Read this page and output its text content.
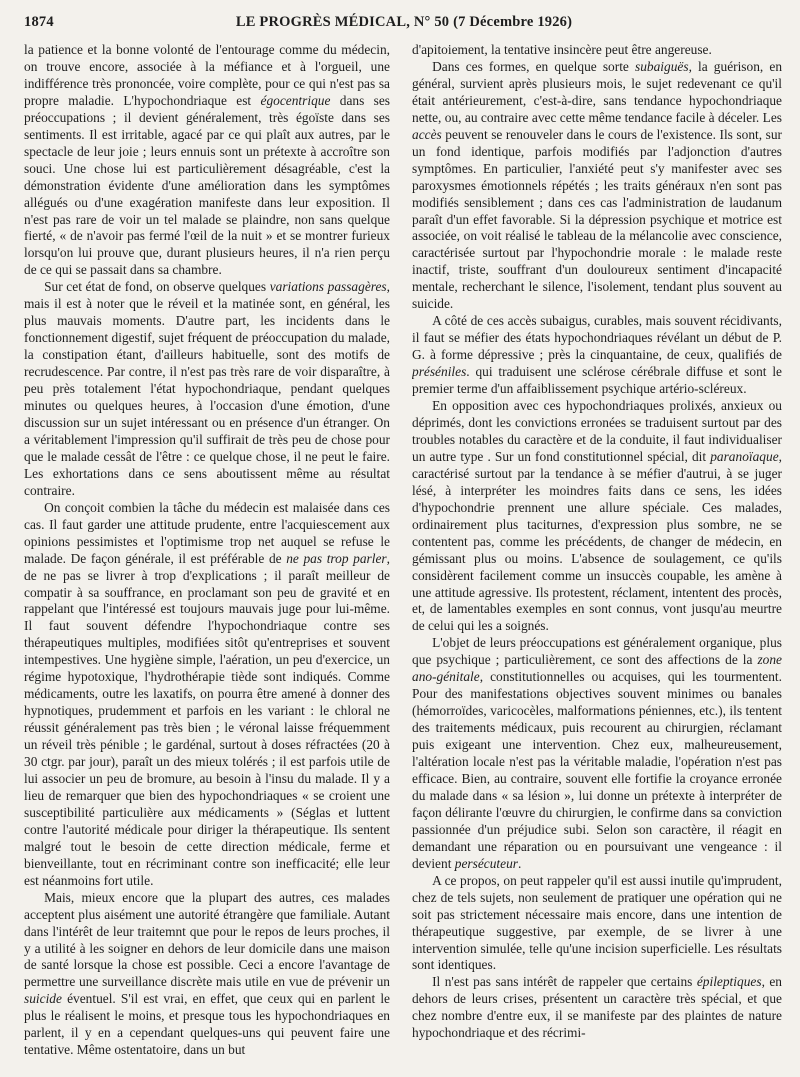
1874	LE PROGRÈS MÉDICAL, N° 50 (7 Décembre 1926)

la patience et la bonne volonté de l'entourage comme du médecin, on trouve encore, associée à la méfiance et à l'orgueil, une indifférence très prononcée, voire complète, pour ce qui n'est pas sa propre maladie. L'hypochondriaque est égocentrique dans ses préoccupations ; il devient généralement, très égoïste dans ses sentiments. Il est irritable, agacé par ce qui plaît aux autres, par le spectacle de leur joie ; leurs ennuis sont un prétexte à accroître son souci. Une chose lui est particulièrement désagréable, c'est la démonstration évidente d'une amélioration dans les symptômes allégués ou d'une exagération manifeste dans leur exposition. Il n'est pas rare de voir un tel malade se plaindre, non sans quelque fierté, « de n'avoir pas fermé l'œil de la nuit » et se montrer furieux lorsqu'on lui prouve que, durant plusieurs heures, il n'a rien perçu de ce qui se passait dans sa chambre.

Sur cet état de fond, on observe quelques variations passagères, mais il est à noter que le réveil et la matinée sont, en général, les plus mauvais moments. D'autre part, les incidents dans le fonctionnement digestif, sujet fréquent de préoccupation du malade, la constipation étant, d'ailleurs habituelle, sont des motifs de recrudescence. Par contre, il n'est pas très rare de voir disparaître, à peu près totalement l'état hypochondriaque, pendant quelques minutes ou quelques heures, à l'occasion d'une émotion, d'une discussion sur un sujet intéressant ou en présence d'un étranger. On a véritablement l'impression qu'il suffirait de très peu de chose pour que le malade cessât de l'être : ce quelque chose, il ne peut le faire. Les exhortations dans ce sens aboutissent même au résultat contraire.

On conçoit combien la tâche du médecin est malaisée dans ces cas. Il faut garder une attitude prudente, entre l'acquiescement aux opinions pessimistes et l'optimisme trop net auquel se refuse le malade. De façon générale, il est préférable de ne pas trop parler, de ne pas se livrer à trop d'explications ; il paraît meilleur de compatir à sa souffrance, en proclamant son peu de gravité et en rappelant que l'intéressé est toujours mauvais juge pour lui-même. Il faut souvent défendre l'hypochondriaque contre ses thérapeutiques multiples, modifiées sitôt qu'entreprises et souvent intempestives. Une hygiène simple, l'aération, un peu d'exercice, un régime hypotoxique, l'hydrothérapie tiède sont indiqués. Comme médicaments, outre les laxatifs, on pourra être amené à donner des hypnotiques, prudemment et parfois en les variant : le chloral ne réussit généralement pas très bien ; le véronal laisse fréquemment un réveil très pénible ; le gardénal, surtout à doses réfractées (20 à 30 ctgr. par jour), paraît un des mieux tolérés ; il est parfois utile de lui associer un peu de bromure, au besoin à l'insu du malade. Il y a lieu de remarquer que bien des hypochondriaques « se croient une susceptibilité particulière aux médicaments » (Séglas et luttent contre l'autorité médicale pour diriger la thérapeutique. Ils sentent malgré tout le besoin de cette direction médicale, ferme et bienveillante, tout en récriminant contre son inefficacité; elle leur est néanmoins fort utile.

Mais, mieux encore que la plupart des autres, ces malades acceptent plus aisément une autorité étrangère que familiale. Autant dans l'intérêt de leur traitemnt que pour le repos de leurs proches, il y a utilité à les soigner en dehors de leur domicile dans une maison de santé lorsque la chose est possible. Ceci a encore l'avantage de permettre une surveillance discrète mais utile en vue de prévenir un suicide éventuel. S'il est vrai, en effet, que ceux qui en parlent le plus le réalisent le moins, et presque tous les hypochondriaques en parlent, il y en a cependant quelques-uns qui peuvent faire une tentative. Même ostentatoire, dans un but

d'apitoiement, la tentative insincère peut être angereuse.

Dans ces formes, en quelque sorte subaiguës, la guérison, en général, survient après plusieurs mois, le sujet redevenant ce qu'il était antérieurement, c'est-à-dire, sans tendance hypochondriaque nette, ou, au contraire avec cette même tendance facile à déceler. Les accès peuvent se renouveler dans le cours de l'existence. Ils sont, sur un fond identique, parfois modifiés par l'adjonction d'autres symptômes. En particulier, l'anxiété peut s'y manifester avec ses paroxysmes émotionnels répétés ; les traits généraux n'en sont pas modifiés sensiblement ; dans ces cas l'administration de laudanum paraît d'un effet favorable. Si la dépression psychique et motrice est associée, on voit réalisé le tableau de la mélancolie avec conscience, caractérisée surtout par l'hypochondrie morale : le malade reste inactif, triste, souffrant d'un douloureux sentiment d'incapacité mentale, recherchant le silence, l'isolement, tendant plus souvent au suicide.

A côté de ces accès subaigus, curables, mais souvent récidivants, il faut se méfier des états hypochondriaques révélant un début de P. G. à forme dépressive ; près la cinquantaine, de ceux, qualifiés de préséniles. qui traduisent une sclérose cérébrale diffuse et sont le premier terme d'un affaiblissement psychique artério-scléreux.

En opposition avec ces hypochondriaques prolixés, anxieux ou déprimés, dont les convictions erronées se traduisent surtout par des troubles notables du caractère et de la conduite, il faut individualiser un autre type . Sur un fond constitutionnel spécial, dit paranoïaque, caractérisé surtout par la tendance à se méfier d'autrui, à se juger lésé, à interpréter les moindres faits dans ce sens, les idées d'hypochondrie prennent une allure spéciale. Ces malades, ordinairement plus taciturnes, d'expression plus sombre, ne se contentent pas, comme les précédents, de changer de médecin, en gémissant plus ou moins. L'absence de soulagement, ce qu'ils considèrent facilement comme un insuccès coupable, les amène à une attitude agressive. Ils protestent, réclament, intentent des procès, et, de lamentables exemples en sont connus, vont jusqu'au meurtre de celui qui les a soignés.

L'objet de leurs préoccupations est généralement organique, plus que psychique ; particulièrement, ce sont des affections de la zone ano-génitale, constitutionnelles ou acquises, qui les tourmentent. Pour des manifestations objectives souvent minimes ou banales (hémorroïdes, varicocèles, malformations péniennes, etc.), ils tentent des traitements médicaux, puis recourent au chirurgien, réclamant puis exigeant une intervention. Chez eux, malheureusement, l'altération locale n'est pas la véritable maladie, l'opération n'est pas efficace. Bien, au contraire, souvent elle fortifie la croyance erronée du malade dans « sa lésion », lui donne un prétexte à interpréter de façon délirante l'œuvre du chirurgien, le confirme dans sa conviction passionnée d'un préjudice subi. Selon son caractère, il réagit en demandant une réparation ou en poursuivant une vengeance : il devient persécuteur.

A ce propos, on peut rappeler qu'il est aussi inutile qu'imprudent, chez de tels sujets, non seulement de pratiquer une opération qui ne soit pas strictement nécessaire mais encore, dans une intention de thérapeutique suggestive, par exemple, de se livrer à une intervention simulée, telle qu'une incision superficielle. Les résultats sont identiques.

Il n'est pas sans intérêt de rappeler que certains épileptiques, en dehors de leurs crises, présentent un caractère très spécial, et que chez nombre d'entre eux, il se manifeste par des plaintes de nature hypochondriaque et des récrimi-
